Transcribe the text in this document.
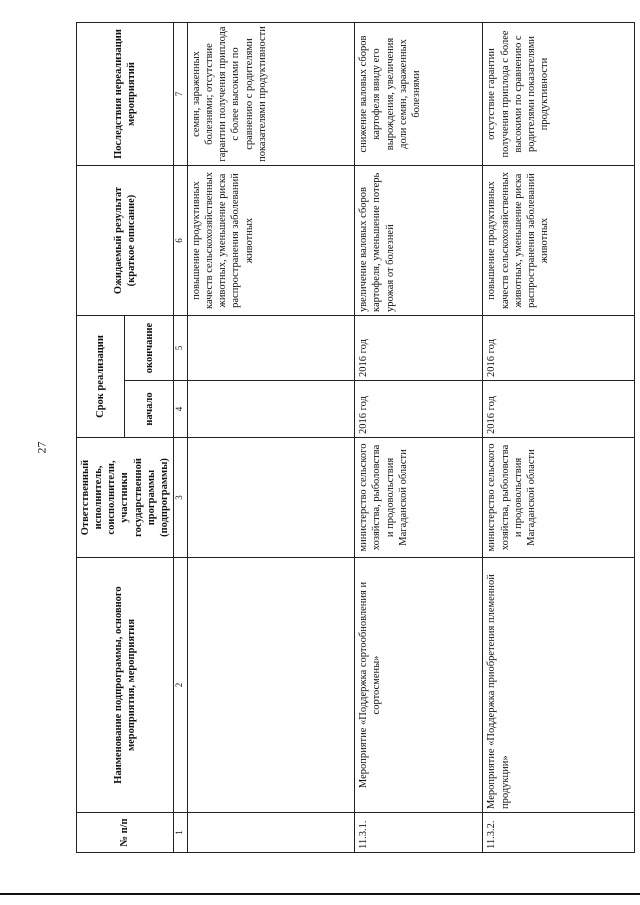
27
№ п/п	Наименование подпрограммы, основного мероприятия, мероприятия	Ответственный исполнитель, соисполнители, участники государственной программы (подпрограммы)	Срок реализации		Ожидаемый результат (краткое описание)	Последствия нереализации мероприятий
			начало	окончание		
1	2	3	4	5	6	7
					повышение продуктивных качеств сельскохозяйственных животных, уменьшение риска распространения заболеваний животных	семян, зараженных болезнями; отсутствие гарантии получения приплода с более высокими по сравнению с родителями показателями продуктивности
11.3.1.	Мероприятие «Поддержка сортообновления и сортосмены»	министерство сельского хозяйства, рыболовства и продовольствия Магаданской области	2016 год	2016 год	увеличение валовых сборов картофеля, уменьшение потерь урожая от болезней	снижение валовых сборов картофеля ввиду его вырождения, увеличения доли семян, зараженных болезнями
11.3.2.	Мероприятие «Поддержка приобретения племенной продукции»	министерство сельского хозяйства, рыболовства и продовольствия Магаданской области	2016 год	2016 год	повышение продуктивных качеств сельскохозяйственных животных, уменьшение риска распространения заболеваний животных	отсутствие гарантии получения приплода с более высокими по сравнению с родителями показателями продуктивности
